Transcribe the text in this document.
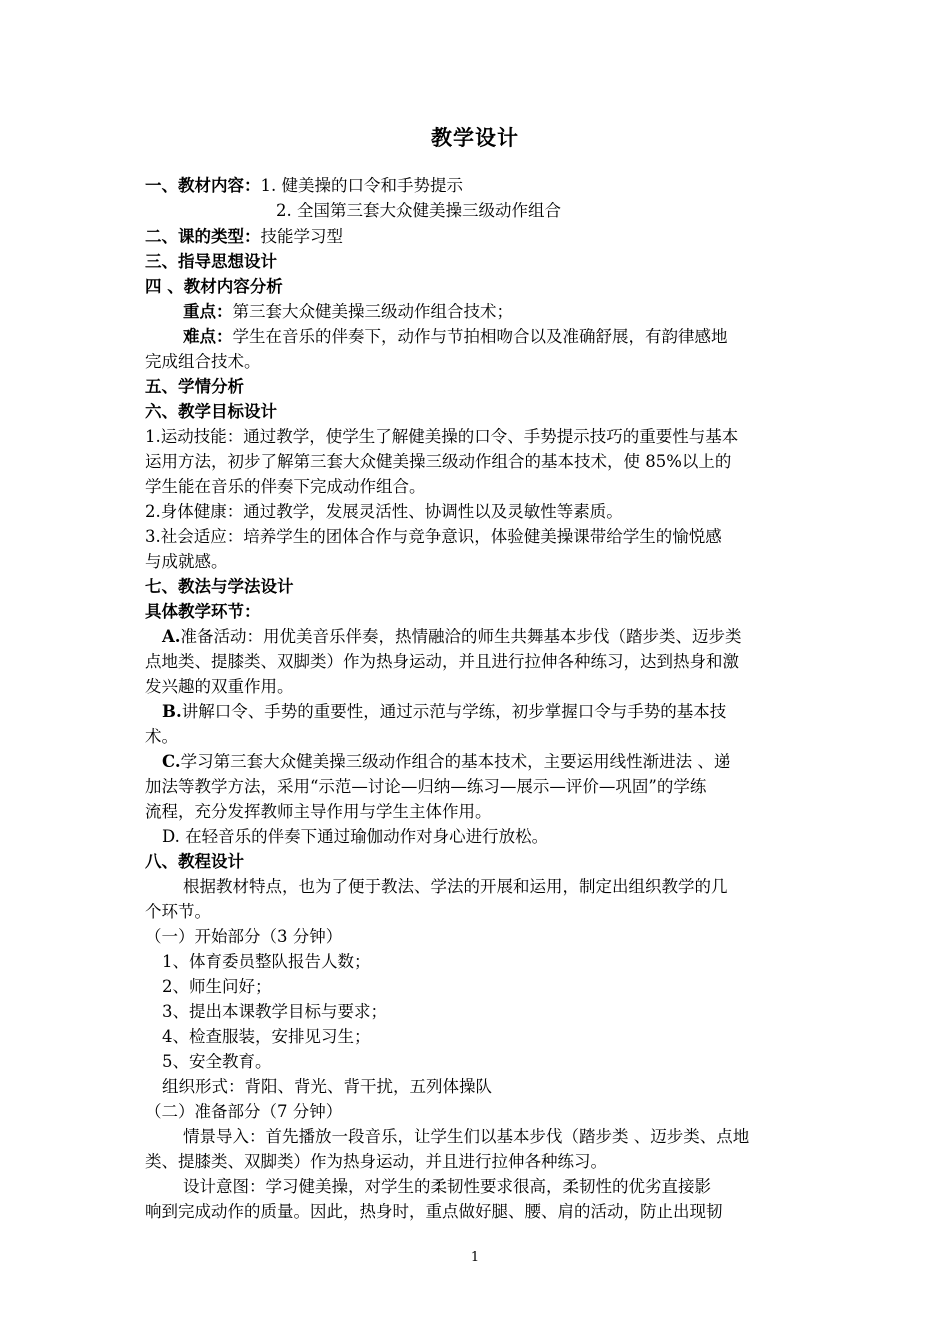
教学设计
一、教材内容：1. 健美操的口令和手势提示
2. 全国第三套大众健美操三级动作组合
二、课的类型：技能学习型
三、指导思想设计
四 、教材内容分析
重点：第三套大众健美操三级动作组合技术；
难点：学生在音乐的伴奏下，动作与节拍相吻合以及准确舒展，有韵律感地
完成组合技术。
五、学情分析
六、教学目标设计
1.运动技能：通过教学，使学生了解健美操的口令、手势提示技巧的重要性与基本
运用方法，初步了解第三套大众健美操三级动作组合的基本技术，使 85%以上的
学生能在音乐的伴奏下完成动作组合。
2.身体健康：通过教学，发展灵活性、协调性以及灵敏性等素质。
3.社会适应：培养学生的团体合作与竞争意识，体验健美操课带给学生的愉悦感
与成就感。
七、教法与学法设计
具体教学环节：
A.准备活动：用优美音乐伴奏，热情融洽的师生共舞基本步伐（踏步类、迈步类
点地类、提膝类、双脚类）作为热身运动，并且进行拉伸各种练习，达到热身和激
发兴趣的双重作用。
B.讲解口令、手势的重要性，通过示范与学练，初步掌握口令与手势的基本技
术。
C.学习第三套大众健美操三级动作组合的基本技术，主要运用线性渐进法 、递
加法等教学方法，采用“示范—讨论—归纳—练习—展示—评价—巩固”的学练
流程，充分发挥教师主导作用与学生主体作用。
D. 在轻音乐的伴奏下通过瑜伽动作对身心进行放松。
八、教程设计
根据教材特点，也为了便于教法、学法的开展和运用，制定出组织教学的几
个环节。
（一）开始部分（3 分钟）
1、体育委员整队报告人数；
2、师生问好；
3、提出本课教学目标与要求；
4、检查服装，安排见习生；
5、安全教育。
组织形式：背阳、背光、背干扰，五列体操队
（二）准备部分（7 分钟）
情景导入：首先播放一段音乐，让学生们以基本步伐（踏步类 、迈步类、点地
类、提膝类、双脚类）作为热身运动，并且进行拉伸各种练习。
设计意图：学习健美操，对学生的柔韧性要求很高，柔韧性的优劣直接影
响到完成动作的质量。因此，热身时，重点做好腿、腰、肩的活动，防止出现韧
1
